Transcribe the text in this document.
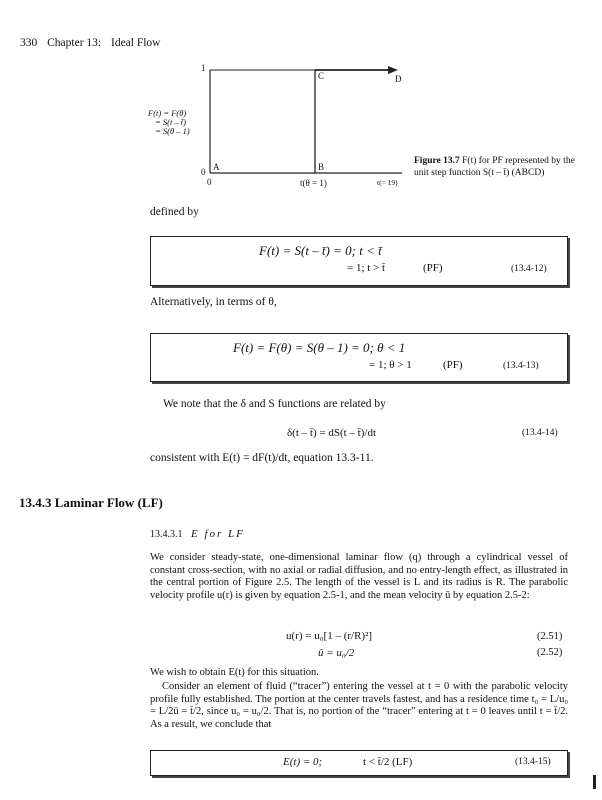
330 Chapter 13: Ideal Flow
1
0
0	t(θ = 1)	t(= 19)
A	B
C	D
F(t) = F(θ)
= S(t – t̄)
= S(θ – 1)
Figure 13.7 F(t) for PF represented by the unit step function S(t – t̄) (ABCD)
defined by
F(t) = S(t – t̄) = 0; t < t̄
= 1; t > t̄	(PF)	(13.4-12)
Alternatively, in terms of θ,
F(t) = F(θ) = S(θ – 1) = 0; θ < 1
= 1; θ > 1	(PF)	(13.4-13)
We note that the δ and S functions are related by
δ(t – t̄) = dS(t – t̄)/dt	(13.4-14)
consistent with E(t) = dF(t)/dt, equation 13.3-11.
13.4.3 Laminar Flow (LF)
13.4.3.1 E for LF
We consider steady-state, one-dimensional laminar flow (q) through a cylindrical vessel of constant cross-section, with no axial or radial diffusion, and no entry-length effect, as illustrated in the central portion of Figure 2.5. The length of the vessel is L and its radius is R. The parabolic velocity profile u(r) is given by equation 2.5-1, and the mean velocity ū by equation 2.5-2:
u(r) = u₀[1 – (r/R)²]	(2.51)
ū = u₀/2	(2.52)
We wish to obtain E(t) for this situation.
Consider an element of fluid (“tracer”) entering the vessel at t = 0 with the parabolic velocity profile fully established. The portion at the center travels fastest, and has a residence time t₀ = L/u₀ = L/2ū = t̄/2, since u₀ = u₀/2. That is, no portion of the “tracer” entering at t = 0 leaves until t = t̄/2. As a result, we conclude that
E(t) = 0;	t < t̄/2 (LF)	(13.4-15)
